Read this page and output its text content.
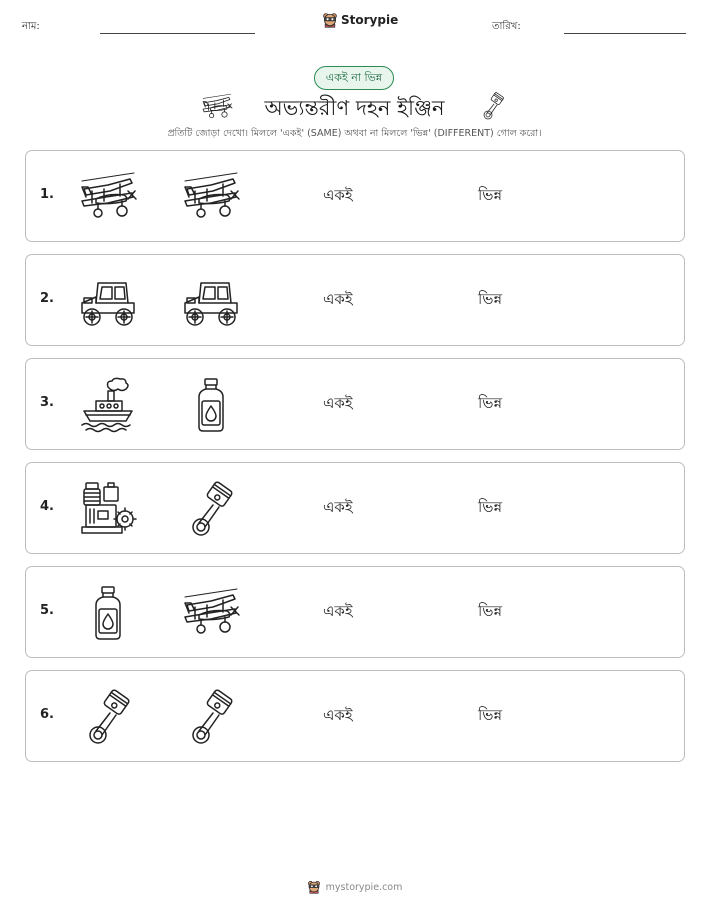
নাম:	Storypie	তারিখ:
একই না ভিন্ন
অভ্যন্তরীণ দহন ইঞ্জিন
প্রতিটি জোড়া দেখো। মিললে 'একই' (SAME) অথবা না মিললে 'ভিন্ন' (DIFFERENT) গোল করো।
1.	একই	ভিন্ন
2.	একই	ভিন্ন
3.	একই	ভিন্ন
4.	একই	ভিন্ন
5.	একই	ভিন্ন
6.	একই	ভিন্ন
mystorypie.com
